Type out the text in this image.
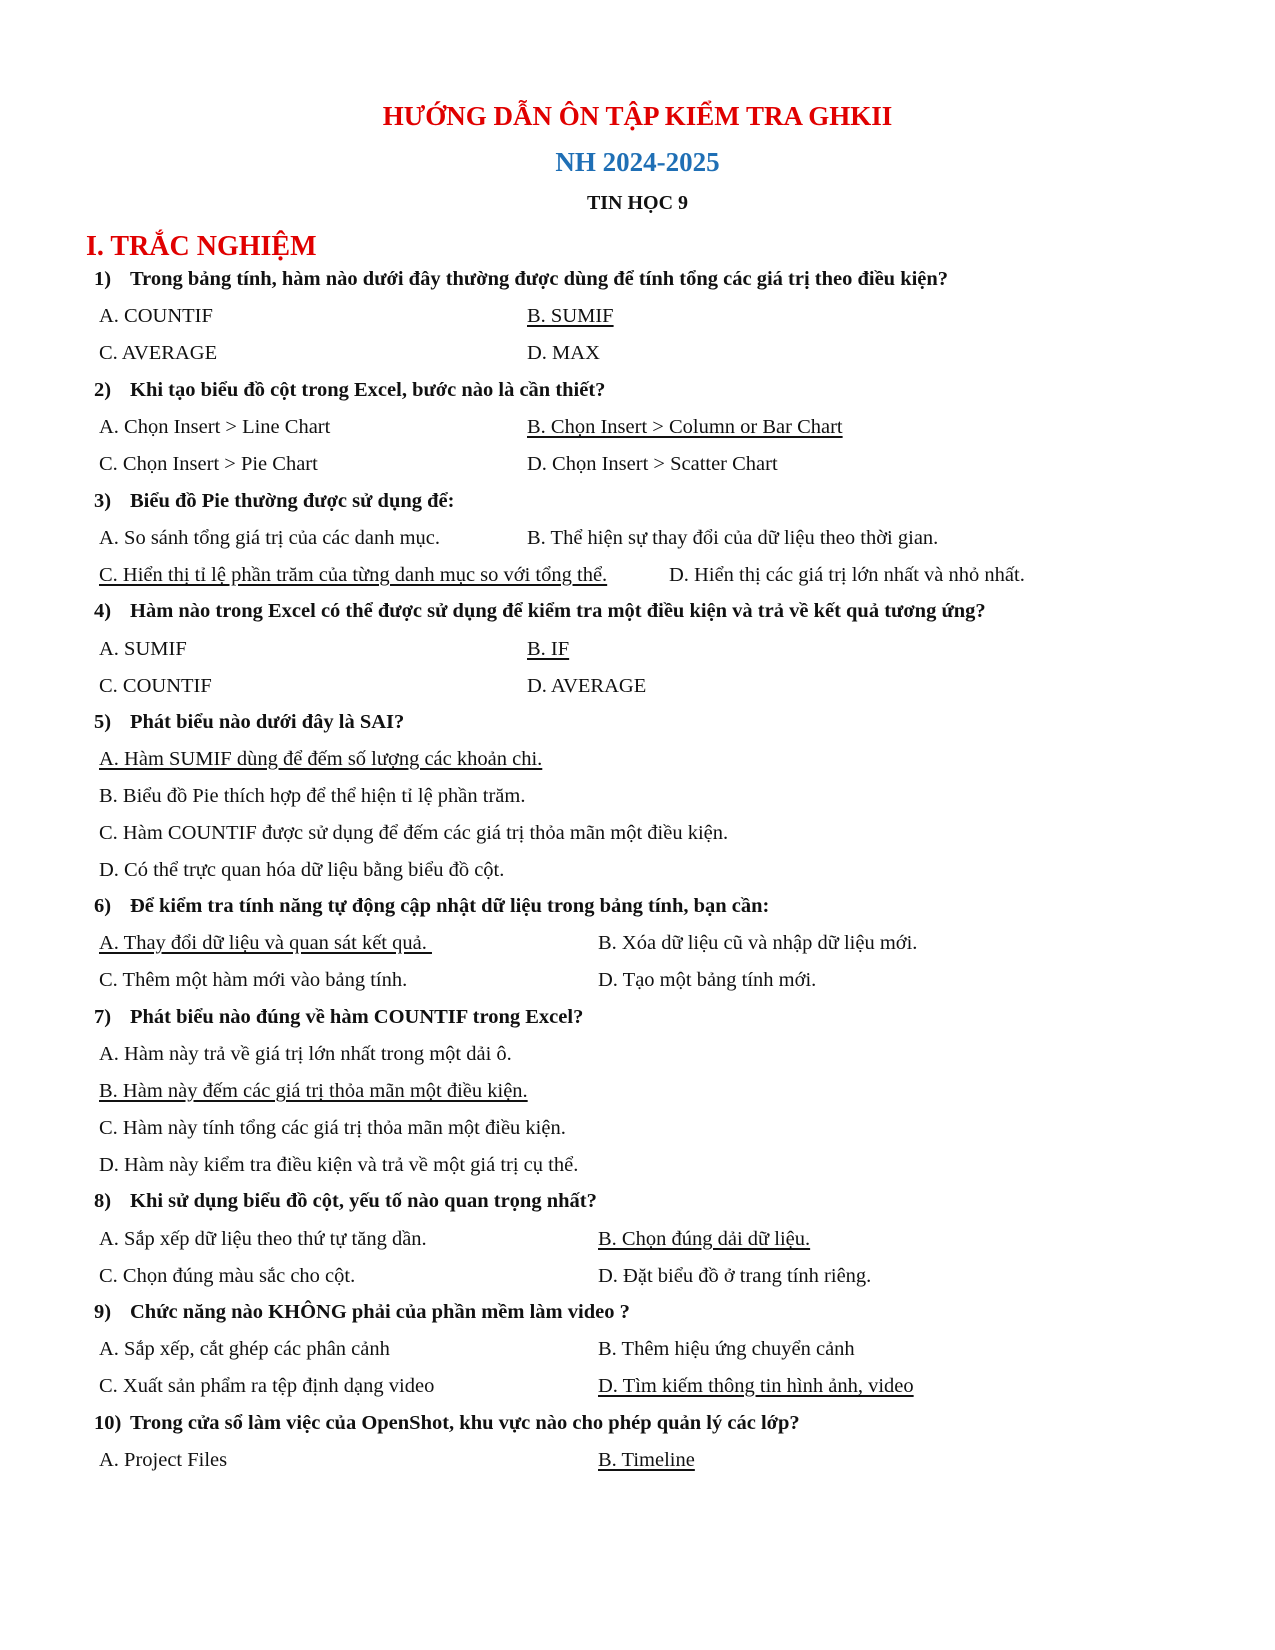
HƯỚNG DẪN ÔN TẬP KIỂM TRA GHKII
NH 2024-2025
TIN HỌC 9
I. TRẮC NGHIỆM
1) Trong bảng tính, hàm nào dưới đây thường được dùng để tính tổng các giá trị theo điều kiện?
A. COUNTIF	B. SUMIF
C. AVERAGE	D. MAX
2) Khi tạo biểu đồ cột trong Excel, bước nào là cần thiết?
A. Chọn Insert > Line Chart	B. Chọn Insert > Column or Bar Chart
C. Chọn Insert > Pie Chart	D. Chọn Insert > Scatter Chart
3) Biểu đồ Pie thường được sử dụng để:
A. So sánh tổng giá trị của các danh mục.	B. Thể hiện sự thay đổi của dữ liệu theo thời gian.
C. Hiển thị tỉ lệ phần trăm của từng danh mục so với tổng thể.	D. Hiển thị các giá trị lớn nhất và nhỏ nhất.
4) Hàm nào trong Excel có thể được sử dụng để kiểm tra một điều kiện và trả về kết quả tương ứng?
A. SUMIF	B. IF
C. COUNTIF	D. AVERAGE
5) Phát biểu nào dưới đây là SAI?
A. Hàm SUMIF dùng để đếm số lượng các khoản chi.
B. Biểu đồ Pie thích hợp để thể hiện tỉ lệ phần trăm.
C. Hàm COUNTIF được sử dụng để đếm các giá trị thỏa mãn một điều kiện.
D. Có thể trực quan hóa dữ liệu bằng biểu đồ cột.
6) Để kiểm tra tính năng tự động cập nhật dữ liệu trong bảng tính, bạn cần:
A. Thay đổi dữ liệu và quan sát kết quả.	B. Xóa dữ liệu cũ và nhập dữ liệu mới.
C. Thêm một hàm mới vào bảng tính.	D. Tạo một bảng tính mới.
7) Phát biểu nào đúng về hàm COUNTIF trong Excel?
A. Hàm này trả về giá trị lớn nhất trong một dải ô.
B. Hàm này đếm các giá trị thỏa mãn một điều kiện.
C. Hàm này tính tổng các giá trị thỏa mãn một điều kiện.
D. Hàm này kiểm tra điều kiện và trả về một giá trị cụ thể.
8) Khi sử dụng biểu đồ cột, yếu tố nào quan trọng nhất?
A. Sắp xếp dữ liệu theo thứ tự tăng dần.	B. Chọn đúng dải dữ liệu.
C. Chọn đúng màu sắc cho cột.	D. Đặt biểu đồ ở trang tính riêng.
9) Chức năng nào KHÔNG phải của phần mềm làm video ?
A. Sắp xếp, cắt ghép các phân cảnh	B. Thêm hiệu ứng chuyển cảnh
C. Xuất sản phẩm ra tệp định dạng video	D. Tìm kiếm thông tin hình ảnh, video
10) Trong cửa sổ làm việc của OpenShot, khu vực nào cho phép quản lý các lớp?
A. Project Files	B. Timeline
